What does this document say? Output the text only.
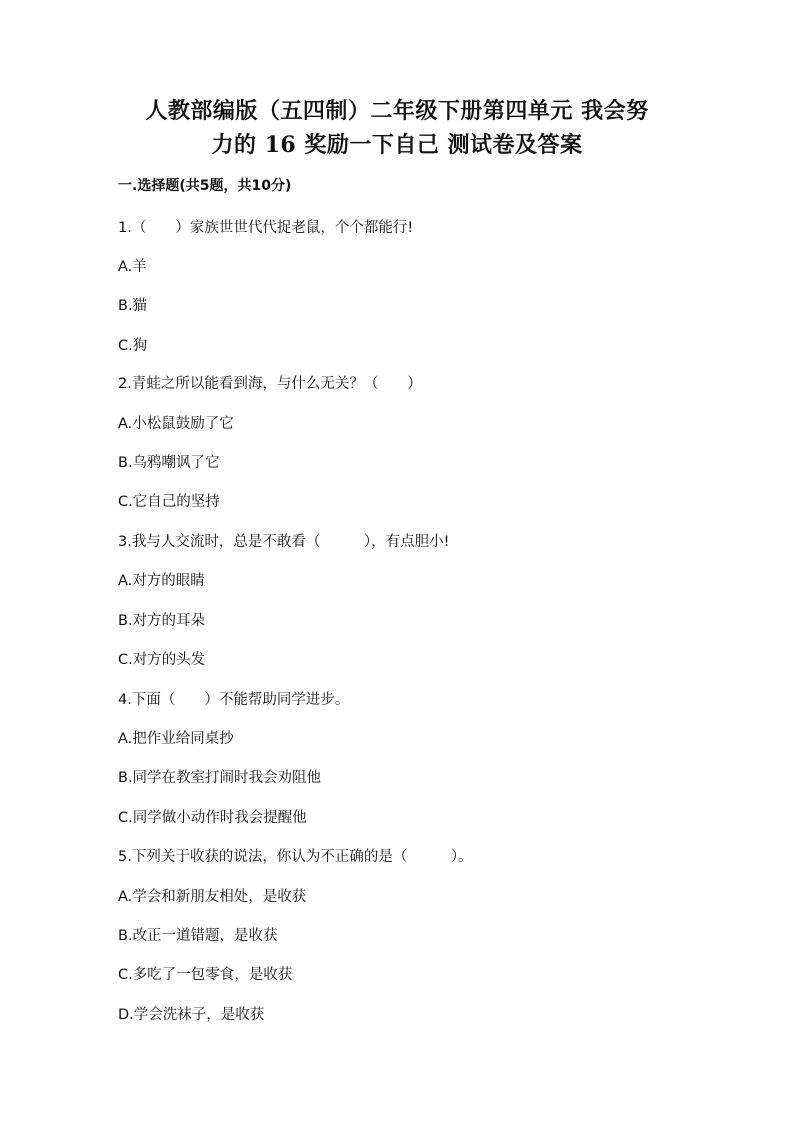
人教部编版（五四制）二年级下册第四单元 我会努
力的 16 奖励一下自己 测试卷及答案
一.选择题(共5题，共10分)
1.（　　）家族世世代代捉老鼠，个个都能行!
A.羊
B.猫
C.狗
2.青蛙之所以能看到海，与什么无关？（　　）
A.小松鼠鼓励了它
B.乌鸦嘲讽了它
C.它自己的坚持
3.我与人交流时，总是不敢看（　　　），有点胆小!
A.对方的眼睛
B.对方的耳朵
C.对方的头发
4.下面（　　）不能帮助同学进步。
A.把作业给同桌抄
B.同学在教室打闹时我会劝阻他
C.同学做小动作时我会提醒他
5.下列关于收获的说法，你认为不正确的是（　　　）。
A.学会和新朋友相处，是收获
B.改正一道错题，是收获
C.多吃了一包零食，是收获
D.学会洗袜子，是收获
